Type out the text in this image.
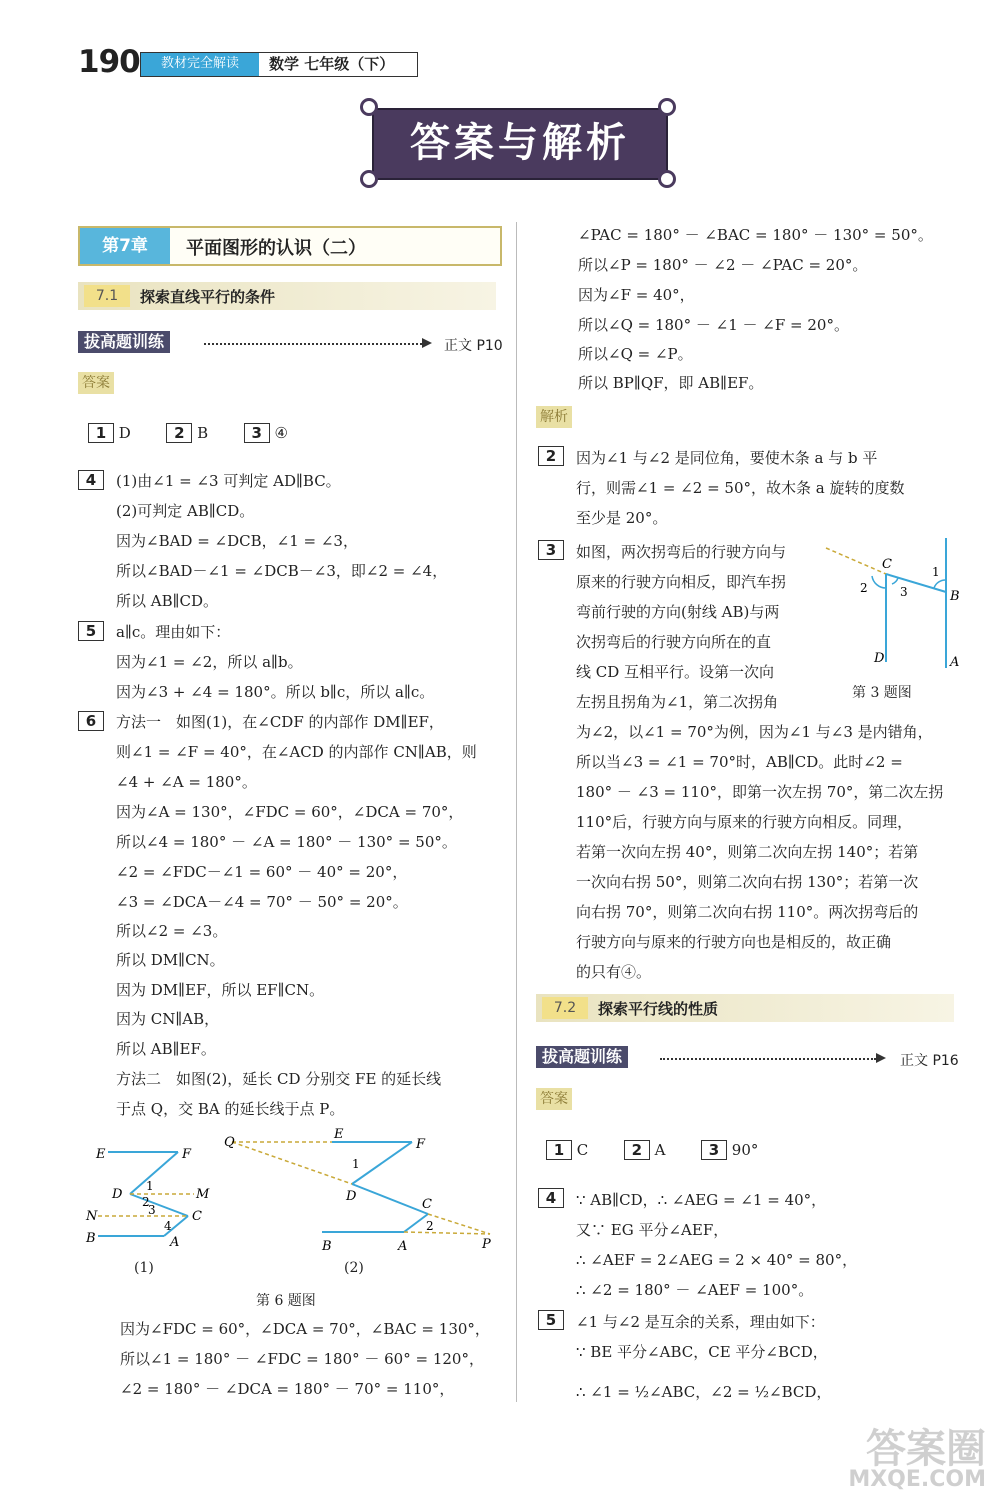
190	教材完全解读	数学 七年级（下）
答案与解析
第7章	平面图形的认识（二）
7.1	探索直线平行的条件
拔高题训练	正文 P10
答案
1 D	2 B	3 ④
4
5
6
(1)由∠1 = ∠3 可判定 AD∥BC。
(2)可判定 AB∥CD。
因为∠BAD = ∠DCB，∠1 = ∠3，
所以∠BAD－∠1 = ∠DCB－∠3，即∠2 = ∠4，
所以 AB∥CD。
a∥c。理由如下：
因为∠1 = ∠2，所以 a∥b。
因为∠3 + ∠4 = 180°。所以 b∥c，所以 a∥c。
方法一　如图(1)，在∠CDF 的内部作 DM∥EF，
则∠1 = ∠F = 40°，在∠ACD 的内部作 CN∥AB，则
∠4 + ∠A = 180°。
因为∠A = 130°，∠FDC = 60°，∠DCA = 70°，
所以∠4 = 180° － ∠A = 180° － 130° = 50°。
∠2 = ∠FDC－∠1 = 60° － 40° = 20°，
∠3 = ∠DCA－∠4 = 70° － 50° = 20°。
所以∠2 = ∠3。
所以 DM∥CN。
因为 DM∥EF，所以 EF∥CN。
因为 CN∥AB，
所以 AB∥EF。
方法二　如图(2)，延长 CD 分别交 FE 的延长线
于点 Q，交 BA 的延长线于点 P。
E	F
D	M
N	C
B	A
1
2
3
4
(1)
Q
E
F
D
C
B	A	P
1
2
(2)
第 6 题图
因为∠FDC = 60°，∠DCA = 70°，∠BAC = 130°，
所以∠1 = 180° － ∠FDC = 180° － 60° = 120°，
∠2 = 180° － ∠DCA = 180° － 70° = 110°，
∠PAC = 180° － ∠BAC = 180° － 130° = 50°。
所以∠P = 180° － ∠2 － ∠PAC = 20°。
因为∠F = 40°，
所以∠Q = 180° － ∠1 － ∠F = 20°。
所以∠Q = ∠P。
所以 BP∥QF，即 AB∥EF。
解析
2	因为∠1 与∠2 是同位角，要使木条 a 与 b 平
行，则需∠1 = ∠2 = 50°，故木条 a 旋转的度数
至少是 20°。
3	如图，两次拐弯后的行驶方向与
原来的行驶方向相反，即汽车拐
弯前行驶的方向(射线 AB)与两
次拐弯后的行驶方向所在的直
线 CD 互相平行。设第一次向
左拐且拐角为∠1，第二次拐角
C
B
D	A
1
2	3
第 3 题图
为∠2，以∠1 = 70°为例，因为∠1 与∠3 是内错角，
所以当∠3 = ∠1 = 70°时，AB∥CD。此时∠2 =
180° － ∠3 = 110°，即第一次左拐 70°，第二次左拐
110°后，行驶方向与原来的行驶方向相反。同理，
若第一次向左拐 40°，则第二次向左拐 140°；若第
一次向右拐 50°，则第二次向右拐 130°；若第一次
向右拐 70°，则第二次向右拐 110°。两次拐弯后的
行驶方向与原来的行驶方向也是相反的，故正确
的只有④。
7.2	探索平行线的性质
拔高题训练	正文 P16
答案
1 C	2 A	3 90°
4	∵ AB∥CD，∴ ∠AEG = ∠1 = 40°，
又∵ EG 平分∠AEF，
∴ ∠AEF = 2∠AEG = 2 × 40° = 80°，
∴ ∠2 = 180° － ∠AEF = 100°。
5	∠1 与∠2 是互余的关系，理由如下：
∵ BE 平分∠ABC，CE 平分∠BCD，
∴ ∠1 = ½∠ABC，∠2 = ½∠BCD，
答案圈
MXQE.COM
